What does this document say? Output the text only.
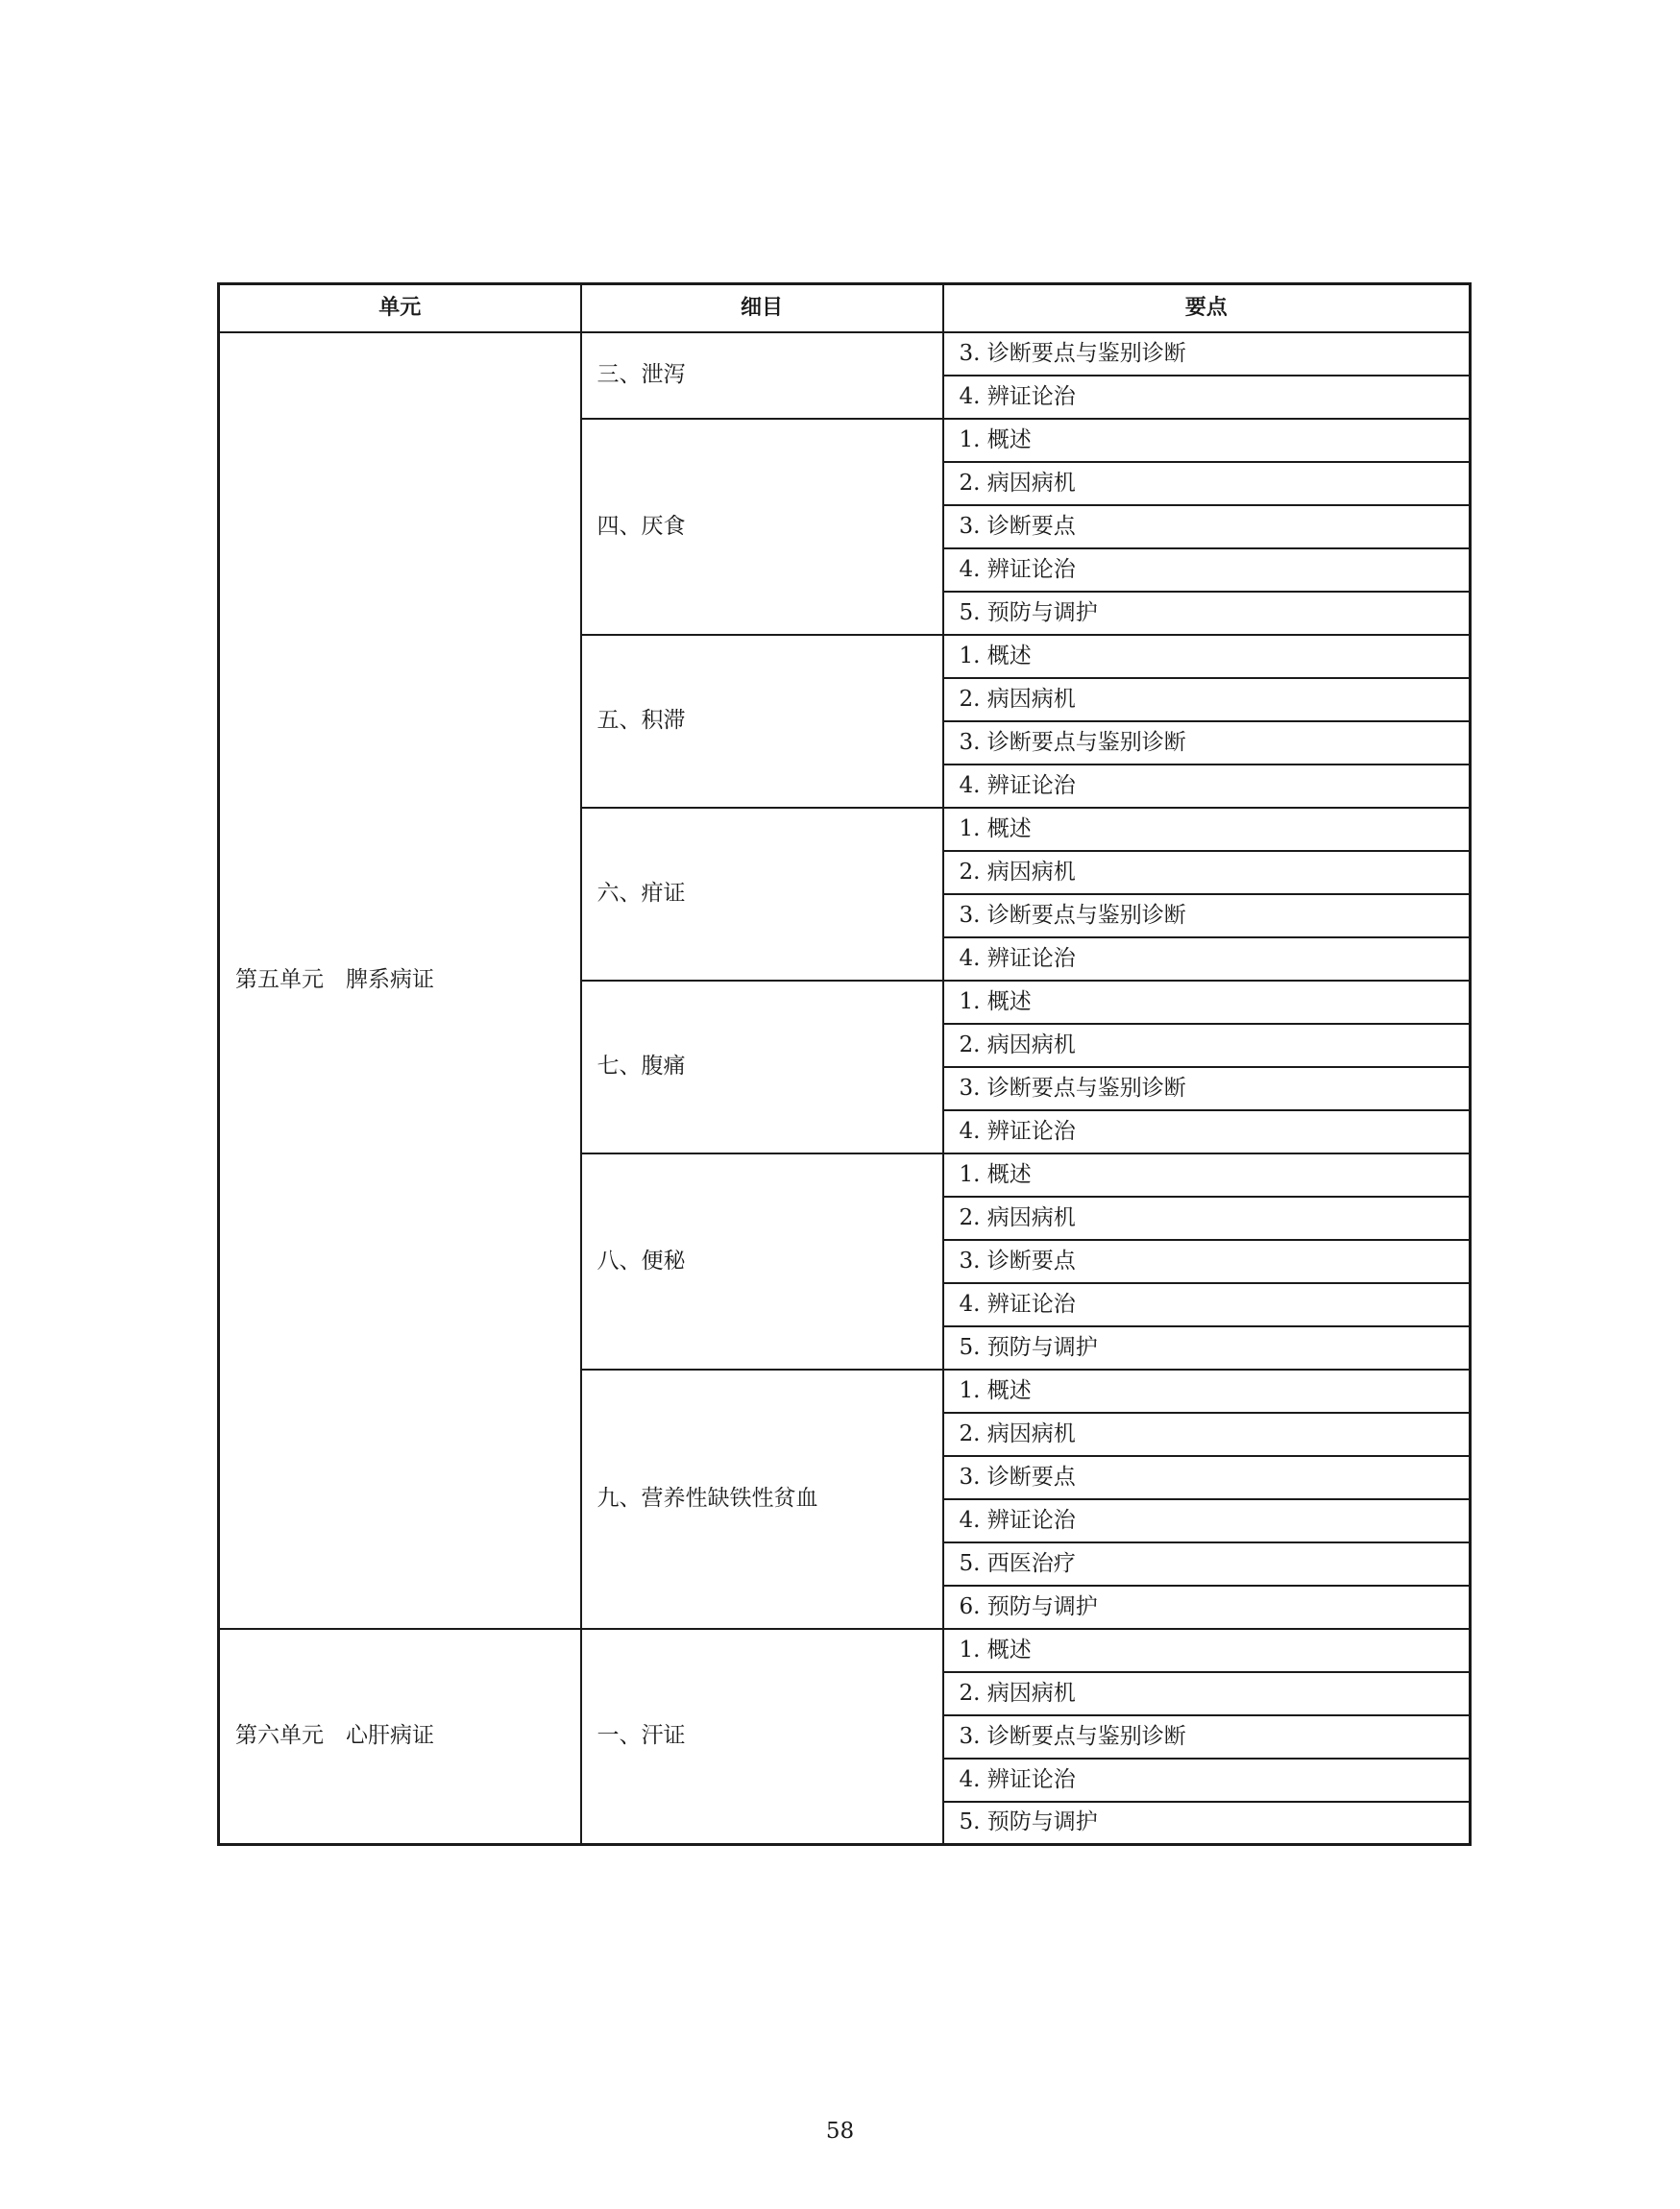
单元	细目	要点
第五单元　脾系病证	三、泄泻	3. 诊断要点与鉴别诊断
		4. 辨证论治
	四、厌食	1. 概述
		2. 病因病机
		3. 诊断要点
		4. 辨证论治
		5. 预防与调护
	五、积滞	1. 概述
		2. 病因病机
		3. 诊断要点与鉴别诊断
		4. 辨证论治
	六、疳证	1. 概述
		2. 病因病机
		3. 诊断要点与鉴别诊断
		4. 辨证论治
	七、腹痛	1. 概述
		2. 病因病机
		3. 诊断要点与鉴别诊断
		4. 辨证论治
	八、便秘	1. 概述
		2. 病因病机
		3. 诊断要点
		4. 辨证论治
		5. 预防与调护
	九、营养性缺铁性贫血	1. 概述
		2. 病因病机
		3. 诊断要点
		4. 辨证论治
		5. 西医治疗
		6. 预防与调护
第六单元　心肝病证	一、汗证	1. 概述
		2. 病因病机
		3. 诊断要点与鉴别诊断
		4. 辨证论治
		5. 预防与调护
58
